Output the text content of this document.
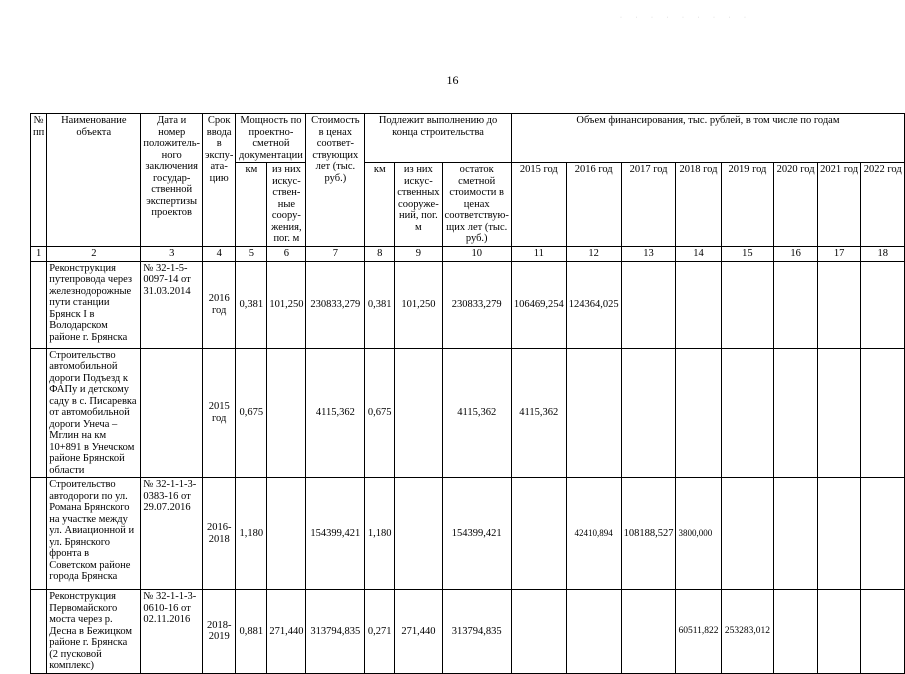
· · · · · · · · ·
16
№ пп	Наименование объекта	Дата и номер положитель-ного заключения государ-ственной экспертизы проектов	Срок ввода в экспу-ата-цию	Мощность по проектно-сметной документации		Стоимость в ценах соответ-ствующих лет (тыс. руб.)	Подлежит выполнению до конца строительства			Объем финансирования, тыс. рублей, в том числе по годам							
				км	из них искус-ствен-ные соору-жения, пог. м		км	из них искус-ственных сооруже-ний, пог. м	остаток сметной стоимости в ценах соответствую-щих лет (тыс. руб.)	2015 год	2016 год	2017 год	2018 год	2019 год	2020 год	2021 год	2022 год
1	2	3	4	5	6	7	8	9	10	11	12	13	14	15	16	17	18
	Реконструкция путепровода через железнодорожные пути станции Брянск I в Володарском районе г. Брянска	№ 32-1-5-0097-14 от 31.03.2014	2016 год	0,381	101,250	230833,279	0,381	101,250	230833,279	106469,254	124364,025						
	Строительство автомобильной дороги Подъезд к ФАПу и детскому саду в с. Писаревка от автомобильной дороги Унеча – Мглин на км 10+891 в Унечском районе Брянской области		2015 год	0,675		4115,362	0,675		4115,362	4115,362							
	Строительство автодороги по ул. Романа Брянского на участке между ул. Авиационной и ул. Брянского фронта в Советском районе города Брянска	№ 32-1-1-3-0383-16 от 29.07.2016	2016-2018	1,180		154399,421	1,180		154399,421		42410,894	108188,527	3800,000				
	Реконструкция Первомайского моста через р. Десна в Бежицком районе г. Брянска (2 пусковой комплекс)	№ 32-1-1-3-0610-16 от 02.11.2016	2018-2019	0,881	271,440	313794,835	0,271	271,440	313794,835				60511,822	253283,012			
